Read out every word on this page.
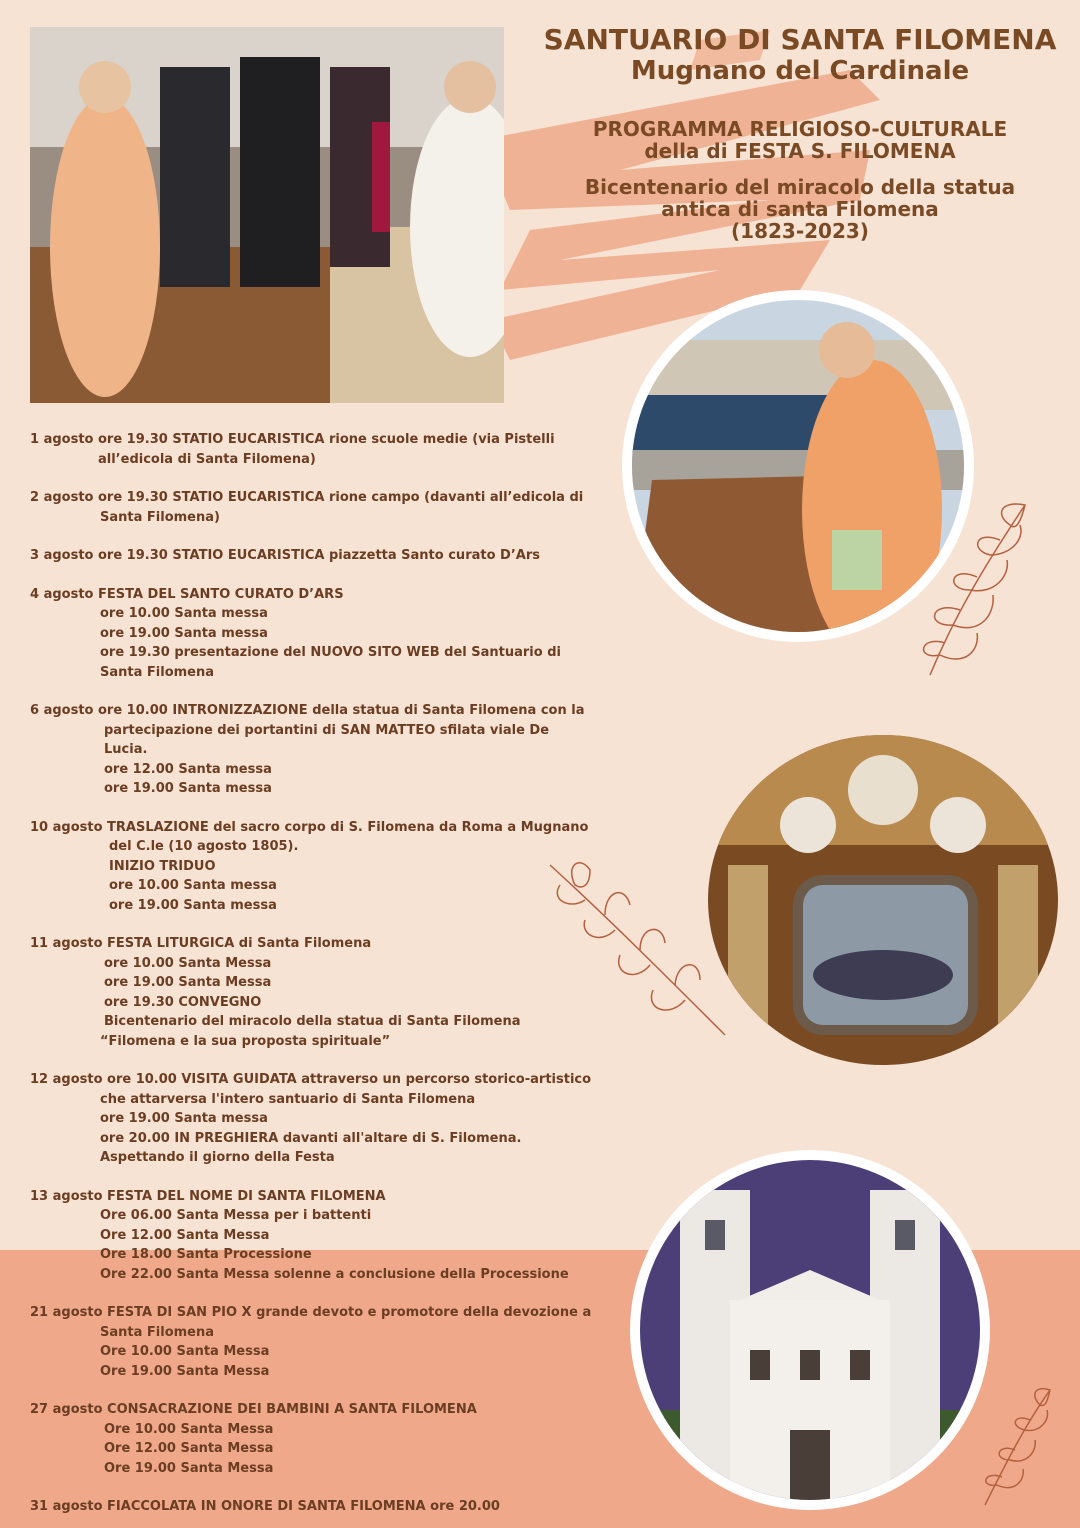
SANTUARIO DI SANTA FILOMENA
Mugnano del Cardinale
PROGRAMMA RELIGIOSO-CULTURALE
della di FESTA S. FILOMENA
Bicentenario del miracolo della statua
antica di santa Filomena
(1823-2023)
1 agosto ore 19.30 STATIO EUCARISTICA rione scuole medie (via Pistelli
all’edicola di Santa Filomena)
2 agosto ore 19.30 STATIO EUCARISTICA rione campo (davanti all’edicola di
Santa Filomena)
3 agosto ore 19.30 STATIO EUCARISTICA piazzetta Santo curato D’Ars
4 agosto FESTA DEL SANTO CURATO D’ARS
ore 10.00 Santa messa
ore 19.00 Santa messa
ore 19.30 presentazione del NUOVO SITO WEB del Santuario di
Santa Filomena
6 agosto ore 10.00 INTRONIZZAZIONE della statua di Santa Filomena con la
partecipazione dei portantini di SAN MATTEO sfilata viale De
Lucia.
ore 12.00 Santa messa
ore 19.00 Santa messa
10 agosto TRASLAZIONE del sacro corpo di S. Filomena da Roma a Mugnano
del C.le (10 agosto 1805).
INIZIO TRIDUO
ore 10.00 Santa messa
ore 19.00 Santa messa
11 agosto FESTA LITURGICA di Santa Filomena
ore 10.00 Santa Messa
ore 19.00 Santa Messa
ore 19.30 CONVEGNO
Bicentenario del miracolo della statua di Santa Filomena
“Filomena e la sua proposta spirituale”
12 agosto ore 10.00 VISITA GUIDATA attraverso un percorso storico-artistico
che attarversa l'intero santuario di Santa Filomena
ore 19.00 Santa messa
ore 20.00 IN PREGHIERA davanti all'altare di S. Filomena.
Aspettando il giorno della Festa
13 agosto FESTA DEL NOME DI SANTA FILOMENA
Ore 06.00 Santa Messa per i battenti
Ore 12.00 Santa Messa
Ore 18.00 Santa Processione
Ore 22.00 Santa Messa solenne a conclusione della Processione
21 agosto FESTA DI SAN PIO X grande devoto e promotore della devozione a
Santa Filomena
Ore 10.00 Santa Messa
Ore 19.00 Santa Messa
27 agosto CONSACRAZIONE DEI BAMBINI A SANTA FILOMENA
Ore 10.00 Santa Messa
Ore 12.00 Santa Messa
Ore 19.00 Santa Messa
31 agosto FIACCOLATA IN ONORE DI SANTA FILOMENA ore 20.00
